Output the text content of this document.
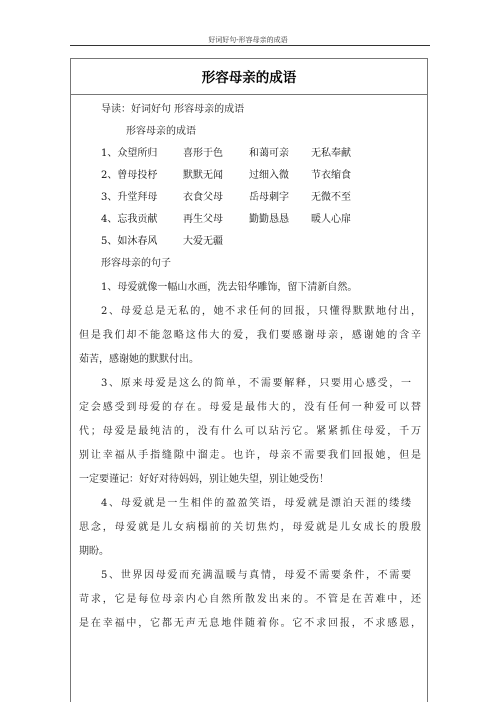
好词好句-形容母亲的成语
形容母亲的成语
导读：好词好句 形容母亲的成语
形容母亲的成语
1、众望所归	喜形于色	和蔼可亲 无私奉献
2、曾母投杼	默默无闻	过细入微 节衣缩食
3、升堂拜母	衣食父母	岳母刺字 无微不至
4、忘我贡献	再生父母	勤勤恳恳 暖人心扉
5、如沐春风	大爱无疆
形容母亲的句子
1、母爱就像一幅山水画，洗去铅华雕饰，留下清新自然。
2、母爱总是无私的，她不求任何的回报，只懂得默默地付出，
但是我们却不能忽略这伟大的爱，我们要感谢母亲，感谢她的含辛
茹苦，感谢她的默默付出。
3、原来母爱是这么的简单，不需要解释，只要用心感受，一
定会感受到母爱的存在。母爱是最伟大的，没有任何一种爱可以替
代；母爱是最纯洁的，没有什么可以玷污它。紧紧抓住母爱，千万
别让幸福从手指缝隙中溜走。也许，母亲不需要我们回报她，但是
一定要谨记：好好对待妈妈，别让她失望，别让她受伤！
4、母爱就是一生相伴的盈盈笑语，母爱就是漂泊天涯的缕缕
思念，母爱就是儿女病榻前的关切焦灼，母爱就是儿女成长的殷殷
期盼。
5、世界因母爱而充满温暖与真情，母爱不需要条件，不需要
苛求，它是每位母亲内心自然所散发出来的。不管是在苦难中，还
是在幸福中，它都无声无息地伴随着你。它不求回报，不求感恩，
